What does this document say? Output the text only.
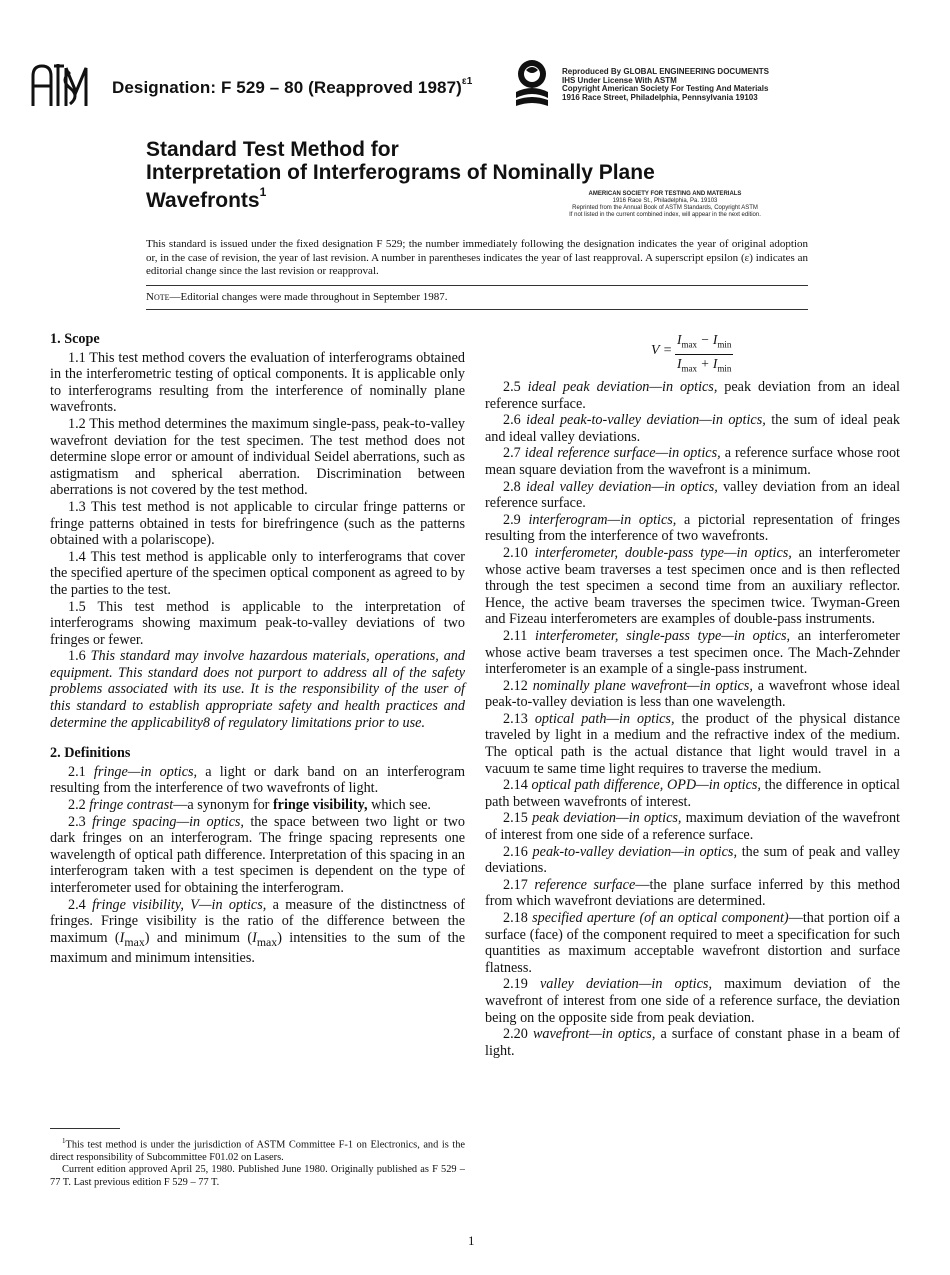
Designation: F 529 – 80 (Reapproved 1987)$^{\varepsilon 1}$
Reproduced By GLOBAL ENGINEERING DOCUMENTS
IHS Under License With ASTM
Copyright American Society For Testing And Materials
1916 Race Street, Philadelphia, Pennsylvania 19103
Standard Test Method for
Interpretation of Interferograms of Nominally Plane
Wavefronts$^1$	AMERICAN SOCIETY FOR TESTING AND MATERIALS
1916 Race St., Philadelphia, Pa. 19103
Reprinted from the Annual Book of ASTM Standards, Copyright ASTM
If not listed in the current combined index, will appear in the next edition.
This standard is issued under the fixed designation F 529; the number immediately following the designation indicates the year of original adoption or, in the case of revision, the year of last revision. A number in parentheses indicates the year of last reapproval. A superscript epsilon (ε) indicates an editorial change since the last revision or reapproval.
Note—Editorial changes were made throughout in September 1987.
1. Scope

1.1 This test method covers the evaluation of interferograms obtained in the interferometric testing of optical components. It is applicable only to interferograms resulting from the interference of nominally plane wavefronts.

1.2 This method determines the maximum single-pass, peak-to-valley wavefront deviation for the test specimen. The test method does not determine slope error or amount of individual Seidel aberrations, such as astigmatism and spherical aberration. Discrimination between aberrations is not covered by the test method.

1.3 This test method is not applicable to circular fringe patterns or fringe patterns obtained in tests for birefringence (such as the patterns obtained with a polariscope).

1.4 This test method is applicable only to interferograms that cover the specified aperture of the specimen optical component as agreed to by the parties to the test.

1.5 This test method is applicable to the interpretation of interferograms showing maximum peak-to-valley deviations of two fringes or fewer.

1.6 This standard may involve hazardous materials, operations, and equipment. This standard does not purport to address all of the safety problems associated with its use. It is the responsibility of the user of this standard to establish appropriate safety and health practices and determine the applicability8 of regulatory limitations prior to use.

2. Definitions

2.1 fringe—in optics, a light or dark band on an interferogram resulting from the interference of two wavefronts of light.

2.2 fringe contrast—a synonym for fringe visibility, which see.

2.3 fringe spacing—in optics, the space between two light or two dark fringes on an interferogram. The fringe spacing represents one wavelength of optical path difference. Interpretation of this spacing in an interferogram taken with a test specimen is dependent on the type of interferometer used for obtaining the interferogram.

2.4 fringe visibility, V—in optics, a measure of the distinctness of fringes. Fringe visibility is the ratio of the difference between the maximum $(I_{max})$ and minimum $(I_{max})$ intensities to the sum of the maximum and minimum intensities.

V =
$I_{max} - I_{min}$
$I_{max} + I_{min}$

2.5 ideal peak deviation—in optics, peak deviation from an ideal reference surface.

2.6 ideal peak-to-valley deviation—in optics, the sum of ideal peak and ideal valley deviations.

2.7 ideal reference surface—in optics, a reference surface whose root mean square deviation from the wavefront is a minimum.

2.8 ideal valley deviation—in optics, valley deviation from an ideal reference surface.

2.9 interferogram—in optics, a pictorial representation of fringes resulting from the interference of two wavefronts.

2.10 interferometer, double-pass type—in optics, an interferometer whose active beam traverses a test specimen once and is then reflected through the test specimen a second time from an auxiliary reflector. Hence, the active beam traverses the specimen twice. Twyman-Green and Fizeau interferometers are examples of double-pass instruments.

2.11 interferometer, single-pass type—in optics, an interferometer whose active beam traverses a test specimen once. The Mach-Zehnder interferometer is an example of a single-pass instrument.

2.12 nominally plane wavefront—in optics, a wavefront whose ideal peak-to-valley deviation is less than one wavelength.

2.13 optical path—in optics, the product of the physical distance traveled by light in a medium and the refractive index of the medium. The optical path is the actual distance that light would travel in a vacuum te same time light requires to traverse the medium.

2.14 optical path difference, OPD—in optics, the difference in optical path between wavefronts of interest.

2.15 peak deviation—in optics, maximum deviation of the wavefront of interest from one side of a reference surface.

2.16 peak-to-valley deviation—in optics, the sum of peak and valley deviations.

2.17 reference surface—the plane surface inferred by this method from which wavefront deviations are determined.

2.18 specified aperture (of an optical component)—that portion oif a surface (face) of the component required to meet a specification for such quantities as maximum acceptable wavefront distortion and surface flatness.

2.19 valley deviation—in optics, maximum deviation of the wavefront of interest from one side of a reference surface, the deviation being on the opposite side from peak deviation.

2.20 wavefront—in optics, a surface of constant phase in a beam of light.

$^1$This test method is under the jurisdiction of ASTM Committee F-1 on Electronics, and is the direct responsibility of Subcommittee F01.02 on Lasers.

Current edition approved April 25, 1980. Published June 1980. Originally published as F 529 – 77 T. Last previous edition F 529 – 77 T.

1
